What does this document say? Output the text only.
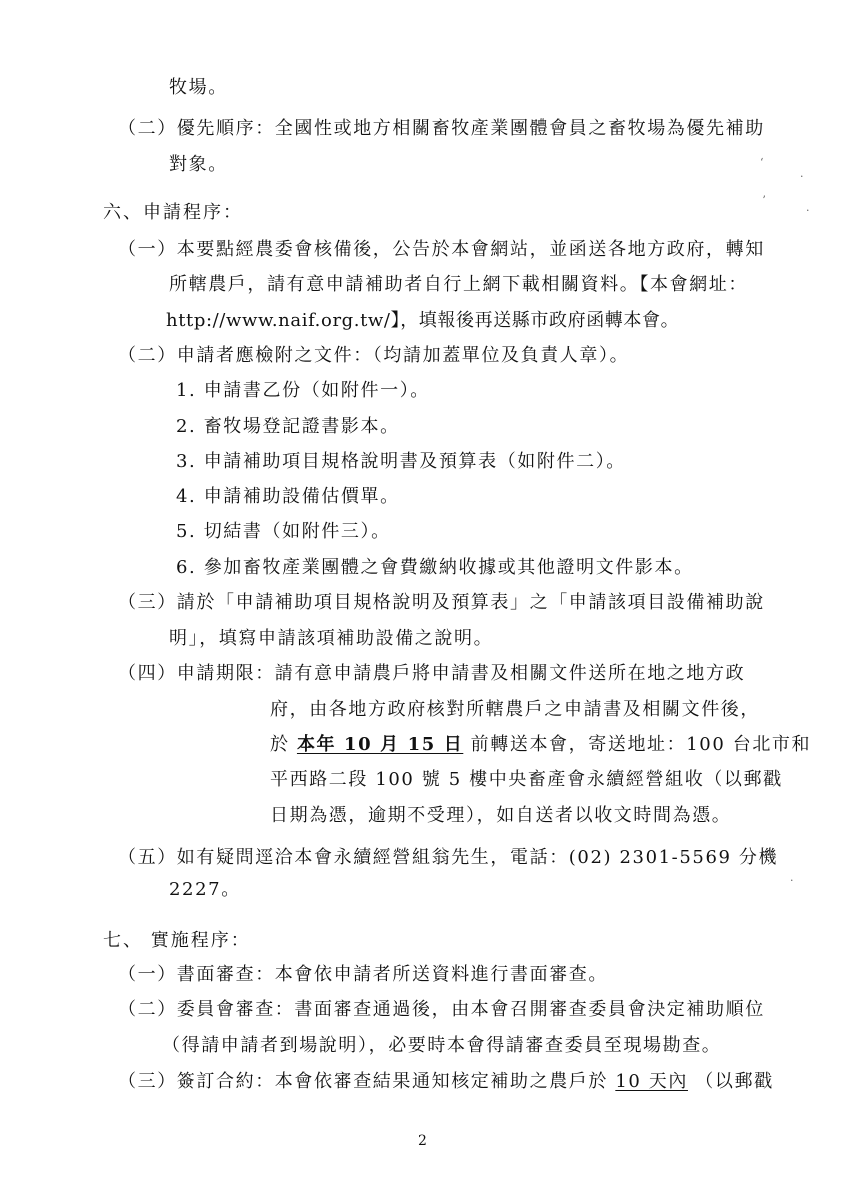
牧場。
（二）優先順序：全國性或地方相關畜牧產業團體會員之畜牧場為優先補助
對象。
六、申請程序：
（一）本要點經農委會核備後，公告於本會網站，並函送各地方政府，轉知
所轄農戶，請有意申請補助者自行上網下載相關資料。【本會網址：
http://www.naif.org.tw/】，填報後再送縣市政府函轉本會。
（二）申請者應檢附之文件：（均請加蓋單位及負責人章）。
1. 申請書乙份（如附件一）。
2. 畜牧場登記證書影本。
3. 申請補助項目規格說明書及預算表（如附件二）。
4. 申請補助設備估價單。
5. 切結書（如附件三）。
6. 參加畜牧產業團體之會費繳納收據或其他證明文件影本。
（三）請於「申請補助項目規格說明及預算表」之「申請該項目設備補助說
明」，填寫申請該項補助設備之說明。
（四）申請期限：請有意申請農戶將申請書及相關文件送所在地之地方政
府，由各地方政府核對所轄農戶之申請書及相關文件後，
於 本年 10 月 15 日 前轉送本會，寄送地址：100 台北市和
平西路二段 100 號 5 樓中央畜產會永續經營組收（以郵戳
日期為憑，逾期不受理），如自送者以收文時間為憑。
（五）如有疑問逕洽本會永續經營組翁先生，電話：(02) 2301-5569 分機
2227。
七、 實施程序：
（一）書面審查：本會依申請者所送資料進行書面審查。
（二）委員會審查：書面審查通過後，由本會召開審查委員會決定補助順位
（得請申請者到場說明），必要時本會得請審查委員至現場勘查。
（三）簽訂合約：本會依審查結果通知核定補助之農戶於 10 天內 （以郵戳
2
ʻ
ʼ
·
·
·
